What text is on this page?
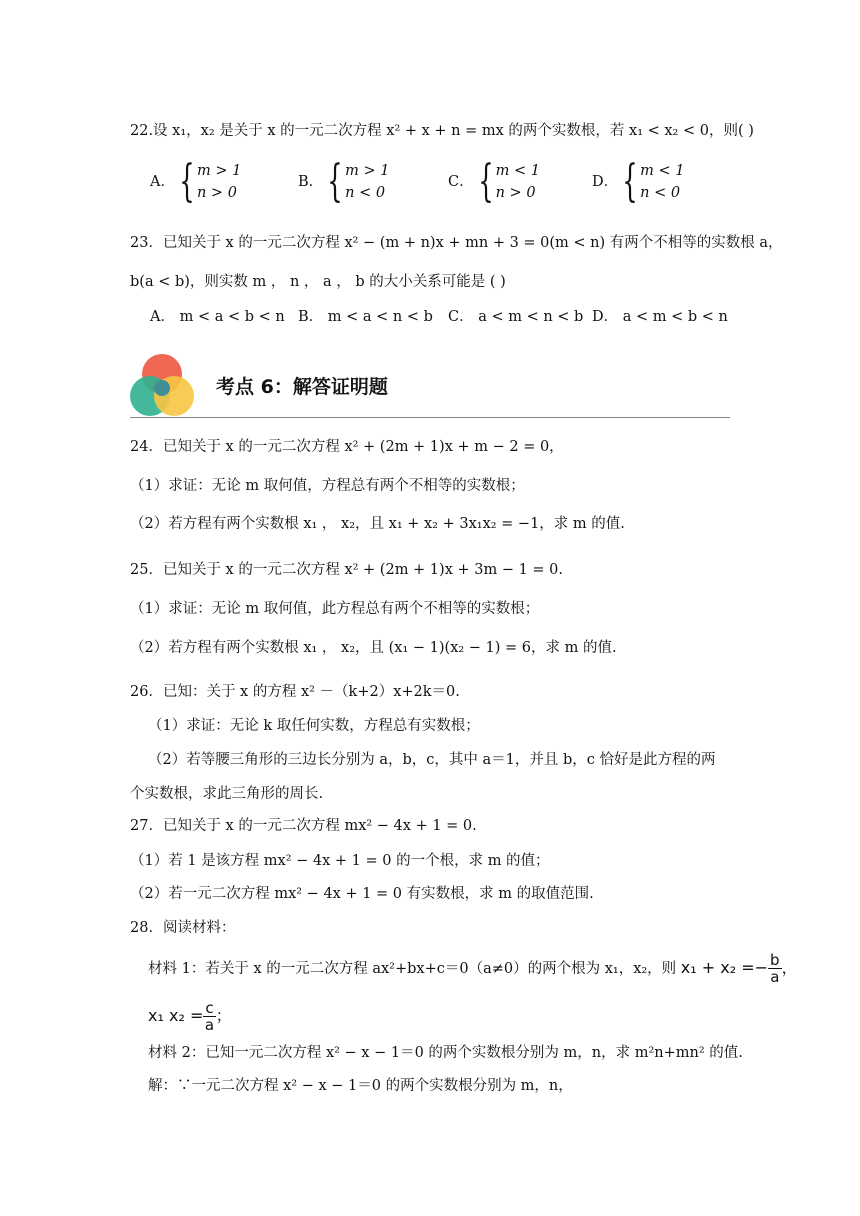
22.设 x₁，x₂ 是关于 x 的一元二次方程 x² + x + n = mx 的两个实数根，若 x₁ < x₂ < 0，则( )
A．{ m > 1
n > 0
B．{ m > 1
n < 0
C．{ m < 1
n > 0
D．{ m < 1
n < 0
23．已知关于 x 的一元二次方程 x² − (m + n)x + mn + 3 = 0(m < n) 有两个不相等的实数根 a，
b(a < b)，则实数 m ， n ， a ， b 的大小关系可能是 ( )
A． m < a < b < n B． m < a < n < b C． a < m < n < b D． a < m < b < n
考点 6：解答证明题
24．已知关于 x 的一元二次方程 x² + (2m + 1)x + m − 2 = 0，
（1）求证：无论 m 取何值，方程总有两个不相等的实数根；
（2）若方程有两个实数根 x₁ ， x₂，且 x₁ + x₂ + 3x₁x₂ = −1，求 m 的值.
25．已知关于 x 的一元二次方程 x² + (2m + 1)x + 3m − 1 = 0.
（1）求证：无论 m 取何值，此方程总有两个不相等的实数根；
（2）若方程有两个实数根 x₁ ， x₂，且 (x₁ − 1)(x₂ − 1) = 6，求 m 的值.
26．已知：关于 x 的方程 x² －（k+2）x+2k＝0.
（1）求证：无论 k 取任何实数，方程总有实数根；
（2）若等腰三角形的三边长分别为 a，b，c，其中 a＝1，并且 b，c 恰好是此方程的两
个实数根，求此三角形的周长.
27．已知关于 x 的一元二次方程 mx² − 4x + 1 = 0.
（1）若 1 是该方程 mx² − 4x + 1 = 0 的一个根，求 m 的值；
（2）若一元二次方程 mx² − 4x + 1 = 0 有实数根，求 m 的取值范围.
28．阅读材料：
材料 1：若关于 x 的一元二次方程 ax²+bx+c＝0（a≠0）的两个根为 x₁，x₂，则 $x_1 + x_2 =- \frac{b}{a}$ ，
x₁ $x_2 = \frac{c}{a}$ ；
材料 2：已知一元二次方程 x² − x − 1＝0 的两个实数根分别为 m，n，求 m²n+mn² 的值.
解：∵一元二次方程 x² − x − 1＝0 的两个实数根分别为 m，n，
